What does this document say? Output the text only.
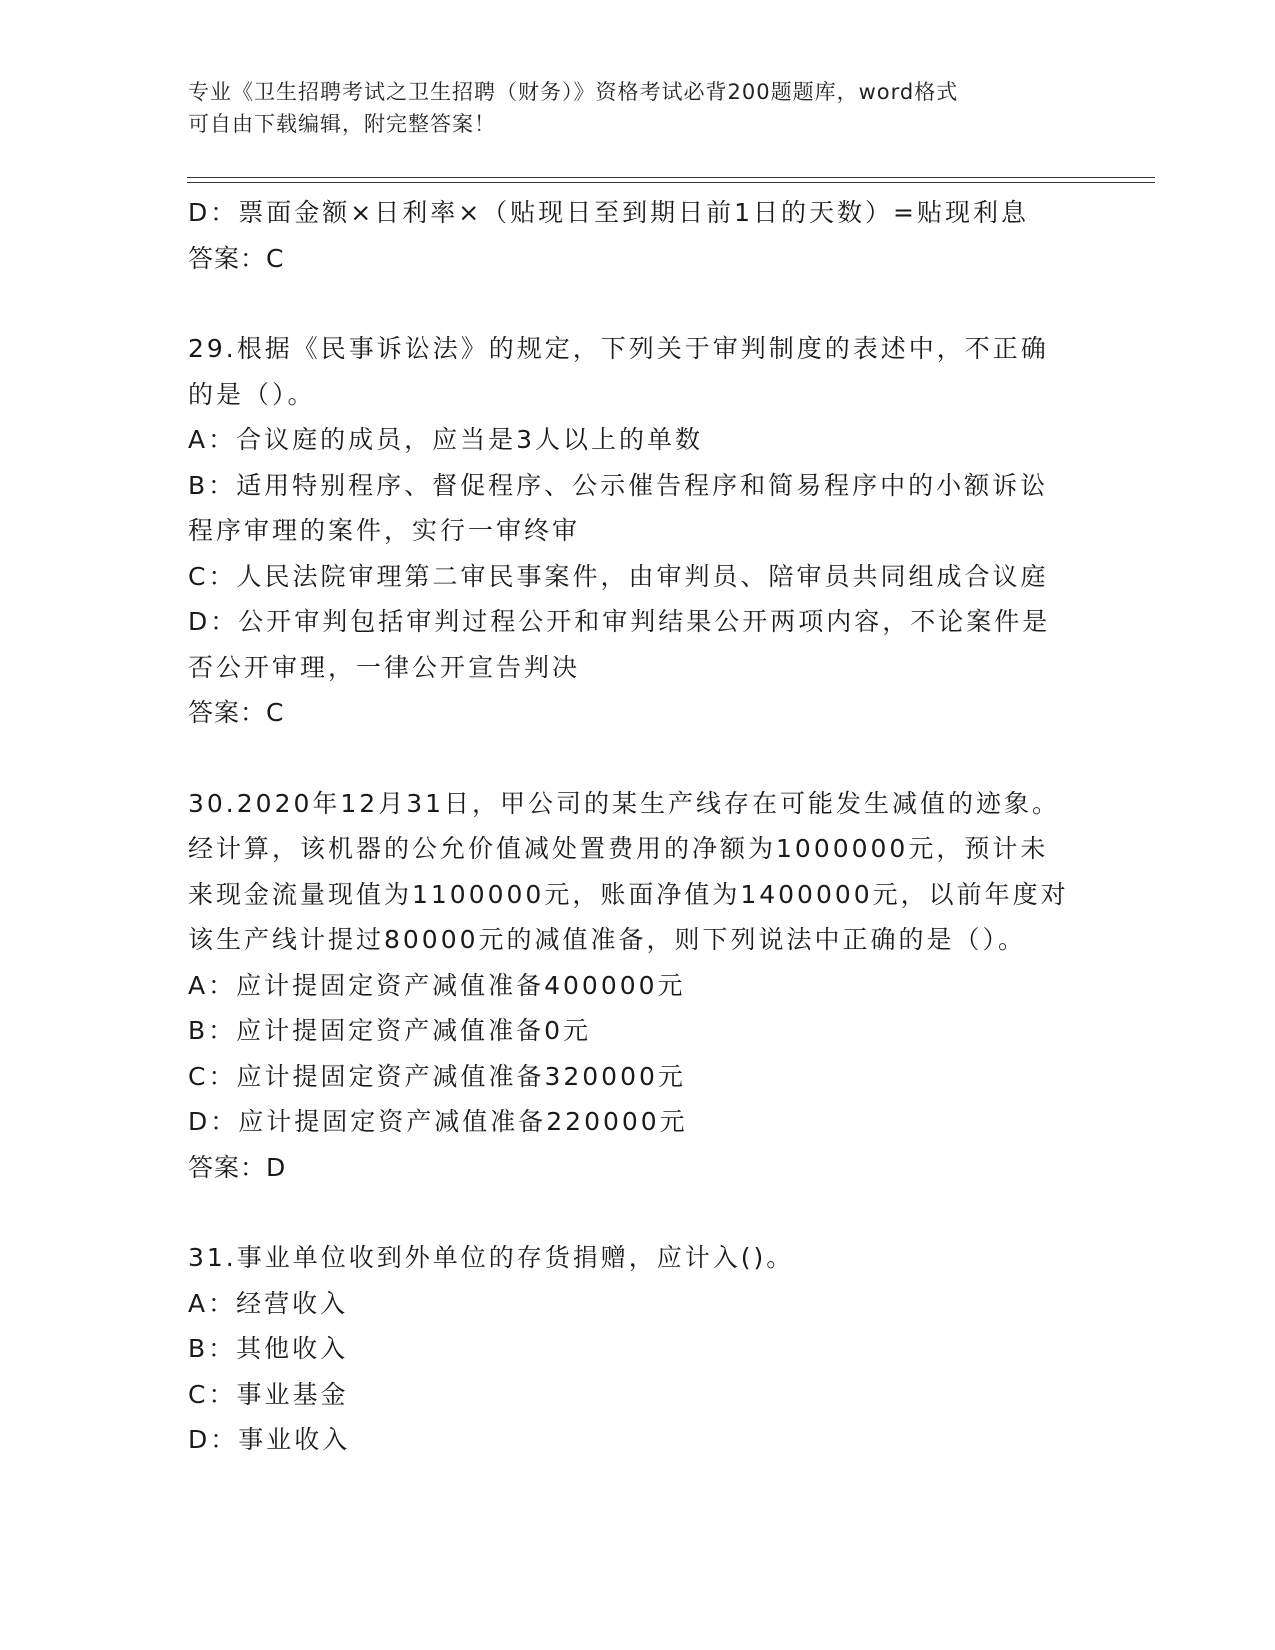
专业《卫生招聘考试之卫生招聘（财务）》资格考试必背200题题库，word格式
可自由下载编辑，附完整答案！
D：票面金额×日利率×（贴现日至到期日前1日的天数）=贴现利息
答案：C
29.根据《民事诉讼法》的规定，下列关于审判制度的表述中，不正确
的是（）。
A：合议庭的成员，应当是3人以上的单数
B：适用特别程序、督促程序、公示催告程序和简易程序中的小额诉讼
程序审理的案件，实行一审终审
C：人民法院审理第二审民事案件，由审判员、陪审员共同组成合议庭
D：公开审判包括审判过程公开和审判结果公开两项内容，不论案件是
否公开审理，一律公开宣告判决
答案：C
30.2020年12月31日，甲公司的某生产线存在可能发生减值的迹象。
经计算，该机器的公允价值减处置费用的净额为1000000元，预计未
来现金流量现值为1100000元，账面净值为1400000元，以前年度对
该生产线计提过80000元的减值准备，则下列说法中正确的是（）。
A：应计提固定资产减值准备400000元
B：应计提固定资产减值准备0元
C：应计提固定资产减值准备320000元
D：应计提固定资产减值准备220000元
答案：D
31.事业单位收到外单位的存货捐赠，应计入()。
A：经营收入
B：其他收入
C：事业基金
D：事业收入
